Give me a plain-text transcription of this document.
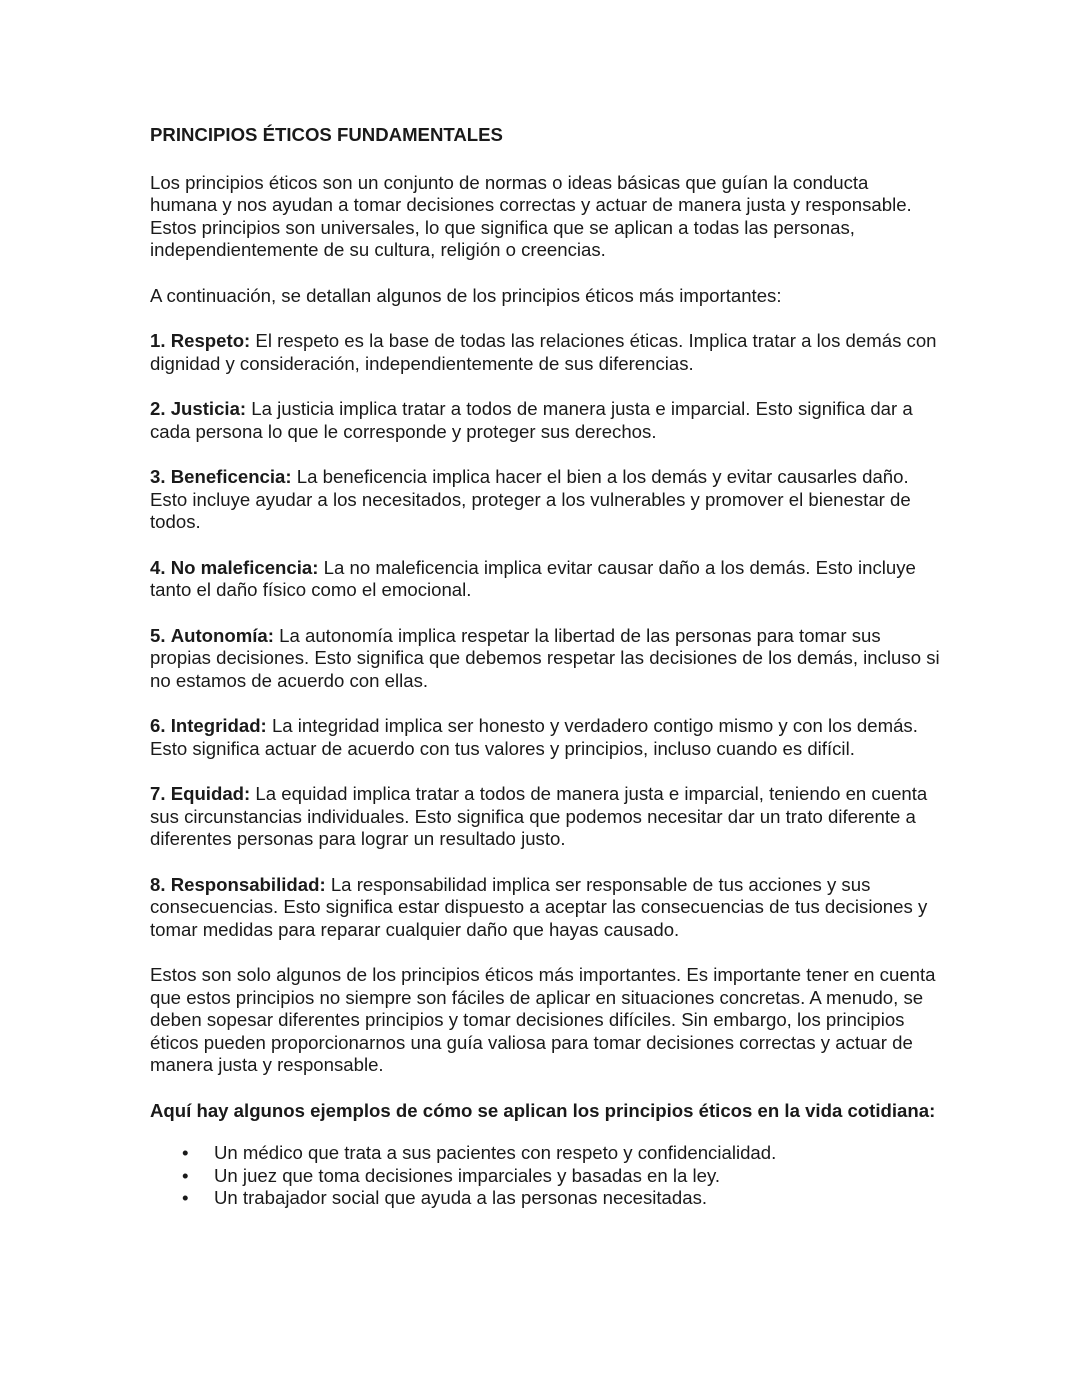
PRINCIPIOS ÉTICOS FUNDAMENTALES

Los principios éticos son un conjunto de normas o ideas básicas que guían la conducta humana y nos ayudan a tomar decisiones correctas y actuar de manera justa y responsable. Estos principios son universales, lo que significa que se aplican a todas las personas, independientemente de su cultura, religión o creencias.

A continuación, se detallan algunos de los principios éticos más importantes:

1. Respeto: El respeto es la base de todas las relaciones éticas. Implica tratar a los demás con dignidad y consideración, independientemente de sus diferencias.

2. Justicia: La justicia implica tratar a todos de manera justa e imparcial. Esto significa dar a cada persona lo que le corresponde y proteger sus derechos.

3. Beneficencia: La beneficencia implica hacer el bien a los demás y evitar causarles daño. Esto incluye ayudar a los necesitados, proteger a los vulnerables y promover el bienestar de todos.

4. No maleficencia: La no maleficencia implica evitar causar daño a los demás. Esto incluye tanto el daño físico como el emocional.

5. Autonomía: La autonomía implica respetar la libertad de las personas para tomar sus propias decisiones. Esto significa que debemos respetar las decisiones de los demás, incluso si no estamos de acuerdo con ellas.

6. Integridad: La integridad implica ser honesto y verdadero contigo mismo y con los demás. Esto significa actuar de acuerdo con tus valores y principios, incluso cuando es difícil.

7. Equidad: La equidad implica tratar a todos de manera justa e imparcial, teniendo en cuenta sus circunstancias individuales. Esto significa que podemos necesitar dar un trato diferente a diferentes personas para lograr un resultado justo.

8. Responsabilidad: La responsabilidad implica ser responsable de tus acciones y sus consecuencias. Esto significa estar dispuesto a aceptar las consecuencias de tus decisiones y tomar medidas para reparar cualquier daño que hayas causado.

Estos son solo algunos de los principios éticos más importantes. Es importante tener en cuenta que estos principios no siempre son fáciles de aplicar en situaciones concretas. A menudo, se deben sopesar diferentes principios y tomar decisiones difíciles. Sin embargo, los principios éticos pueden proporcionarnos una guía valiosa para tomar decisiones correctas y actuar de manera justa y responsable.

Aquí hay algunos ejemplos de cómo se aplican los principios éticos en la vida cotidiana:
• Un médico que trata a sus pacientes con respeto y confidencialidad.
• Un juez que toma decisiones imparciales y basadas en la ley.
• Un trabajador social que ayuda a las personas necesitadas.
